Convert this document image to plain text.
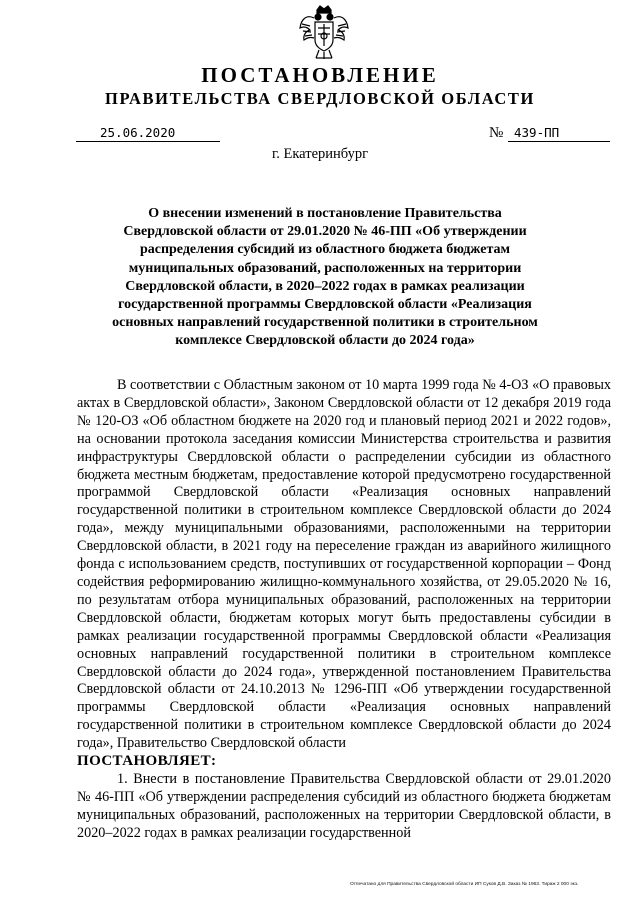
ПОСТАНОВЛЕНИЕ
ПРАВИТЕЛЬСТВА СВЕРДЛОВСКОЙ ОБЛАСТИ
25.06.2020	№ 439-ПП
г. Екатеринбург
О внесении изменений в постановление Правительства
Свердловской области от 29.01.2020 № 46-ПП «Об утверждении
распределения субсидий из областного бюджета бюджетам
муниципальных образований, расположенных на территории
Свердловской области, в 2020–2022 годах в рамках реализации
государственной программы Свердловской области «Реализация
основных направлений государственной политики в строительном
комплексе Свердловской области до 2024 года»

В соответствии с Областным законом от 10 марта 1999 года № 4-ОЗ «О правовых актах в Свердловской области», Законом Свердловской области от 12 декабря 2019 года № 120-ОЗ «Об областном бюджете на 2020 год и плановый период 2021 и 2022 годов», на основании протокола заседания комиссии Министерства строительства и развития инфраструктуры Свердловской области о распределении субсидии из областного бюджета местным бюджетам, предоставление которой предусмотрено государственной программой Свердловской области «Реализация основных направлений государственной политики в строительном комплексе Свердловской области до 2024 года», между муниципальными образованиями, расположенными на территории Свердловской области, в 2021 году на переселение граждан из аварийного жилищного фонда с использованием средств, поступивших от государственной корпорации – Фонд содействия реформированию жилищно-коммунального хозяйства, от 29.05.2020 № 16, по результатам отбора муниципальных образований, расположенных на территории Свердловской области, бюджетам которых могут быть предоставлены субсидии в рамках реализации государственной программы Свердловской области «Реализация основных направлений государственной политики в строительном комплексе Свердловской области до 2024 года», утвержденной постановлением Правительства Свердловской области от 24.10.2013 № 1296-ПП «Об утверждении государственной программы Свердловской области «Реализация основных направлений государственной политики в строительном комплексе Свердловской области до 2024 года», Правительство Свердловской области

ПОСТАНОВЛЯЕТ:

1. Внести в постановление Правительства Свердловской области от 29.01.2020 № 46-ПП «Об утверждении распределения субсидий из областного бюджета бюджетам муниципальных образований, расположенных на территории Свердловской области, в 2020–2022 годах в рамках реализации государственной

Отпечатано для Правительства Свердловской области ИП Суков Д.В. Заказ № 1963. Тираж 2 000 экз.
